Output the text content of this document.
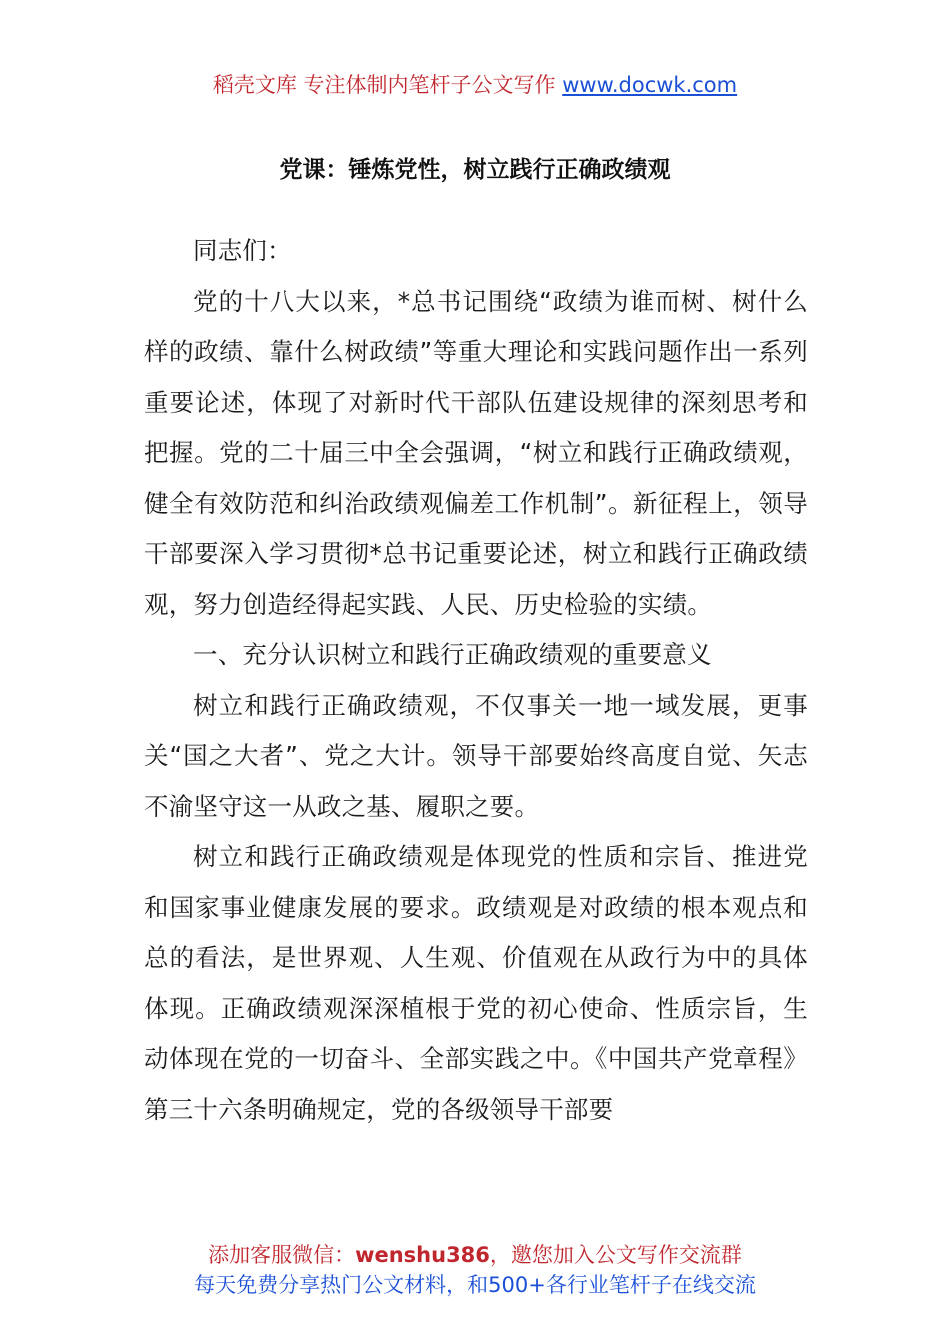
稻壳文库 专注体制内笔杆子公文写作 www.docwk.com
党课：锤炼党性，树立践行正确政绩观

同志们：

党的十八大以来，*总书记围绕“政绩为谁而树、树什么样的政绩、靠什么树政绩”等重大理论和实践问题作出一系列重要论述，体现了对新时代干部队伍建设规律的深刻思考和把握。党的二十届三中全会强调，“树立和践行正确政绩观，健全有效防范和纠治政绩观偏差工作机制”。新征程上，领导干部要深入学习贯彻*总书记重要论述，树立和践行正确政绩观，努力创造经得起实践、人民、历史检验的实绩。

一、充分认识树立和践行正确政绩观的重要意义

树立和践行正确政绩观，不仅事关一地一域发展，更事关“国之大者”、党之大计。领导干部要始终高度自觉、矢志不渝坚守这一从政之基、履职之要。

树立和践行正确政绩观是体现党的性质和宗旨、推进党和国家事业健康发展的要求。政绩观是对政绩的根本观点和总的看法，是世界观、人生观、价值观在从政行为中的具体体现。正确政绩观深深植根于党的初心使命、性质宗旨，生动体现在党的一切奋斗、全部实践之中。《中国共产党章程》第三十六条明确规定，党的各级领导干部要

添加客服微信：wenshu386，邀您加入公文写作交流群
每天免费分享热门公文材料，和500+各行业笔杆子在线交流
